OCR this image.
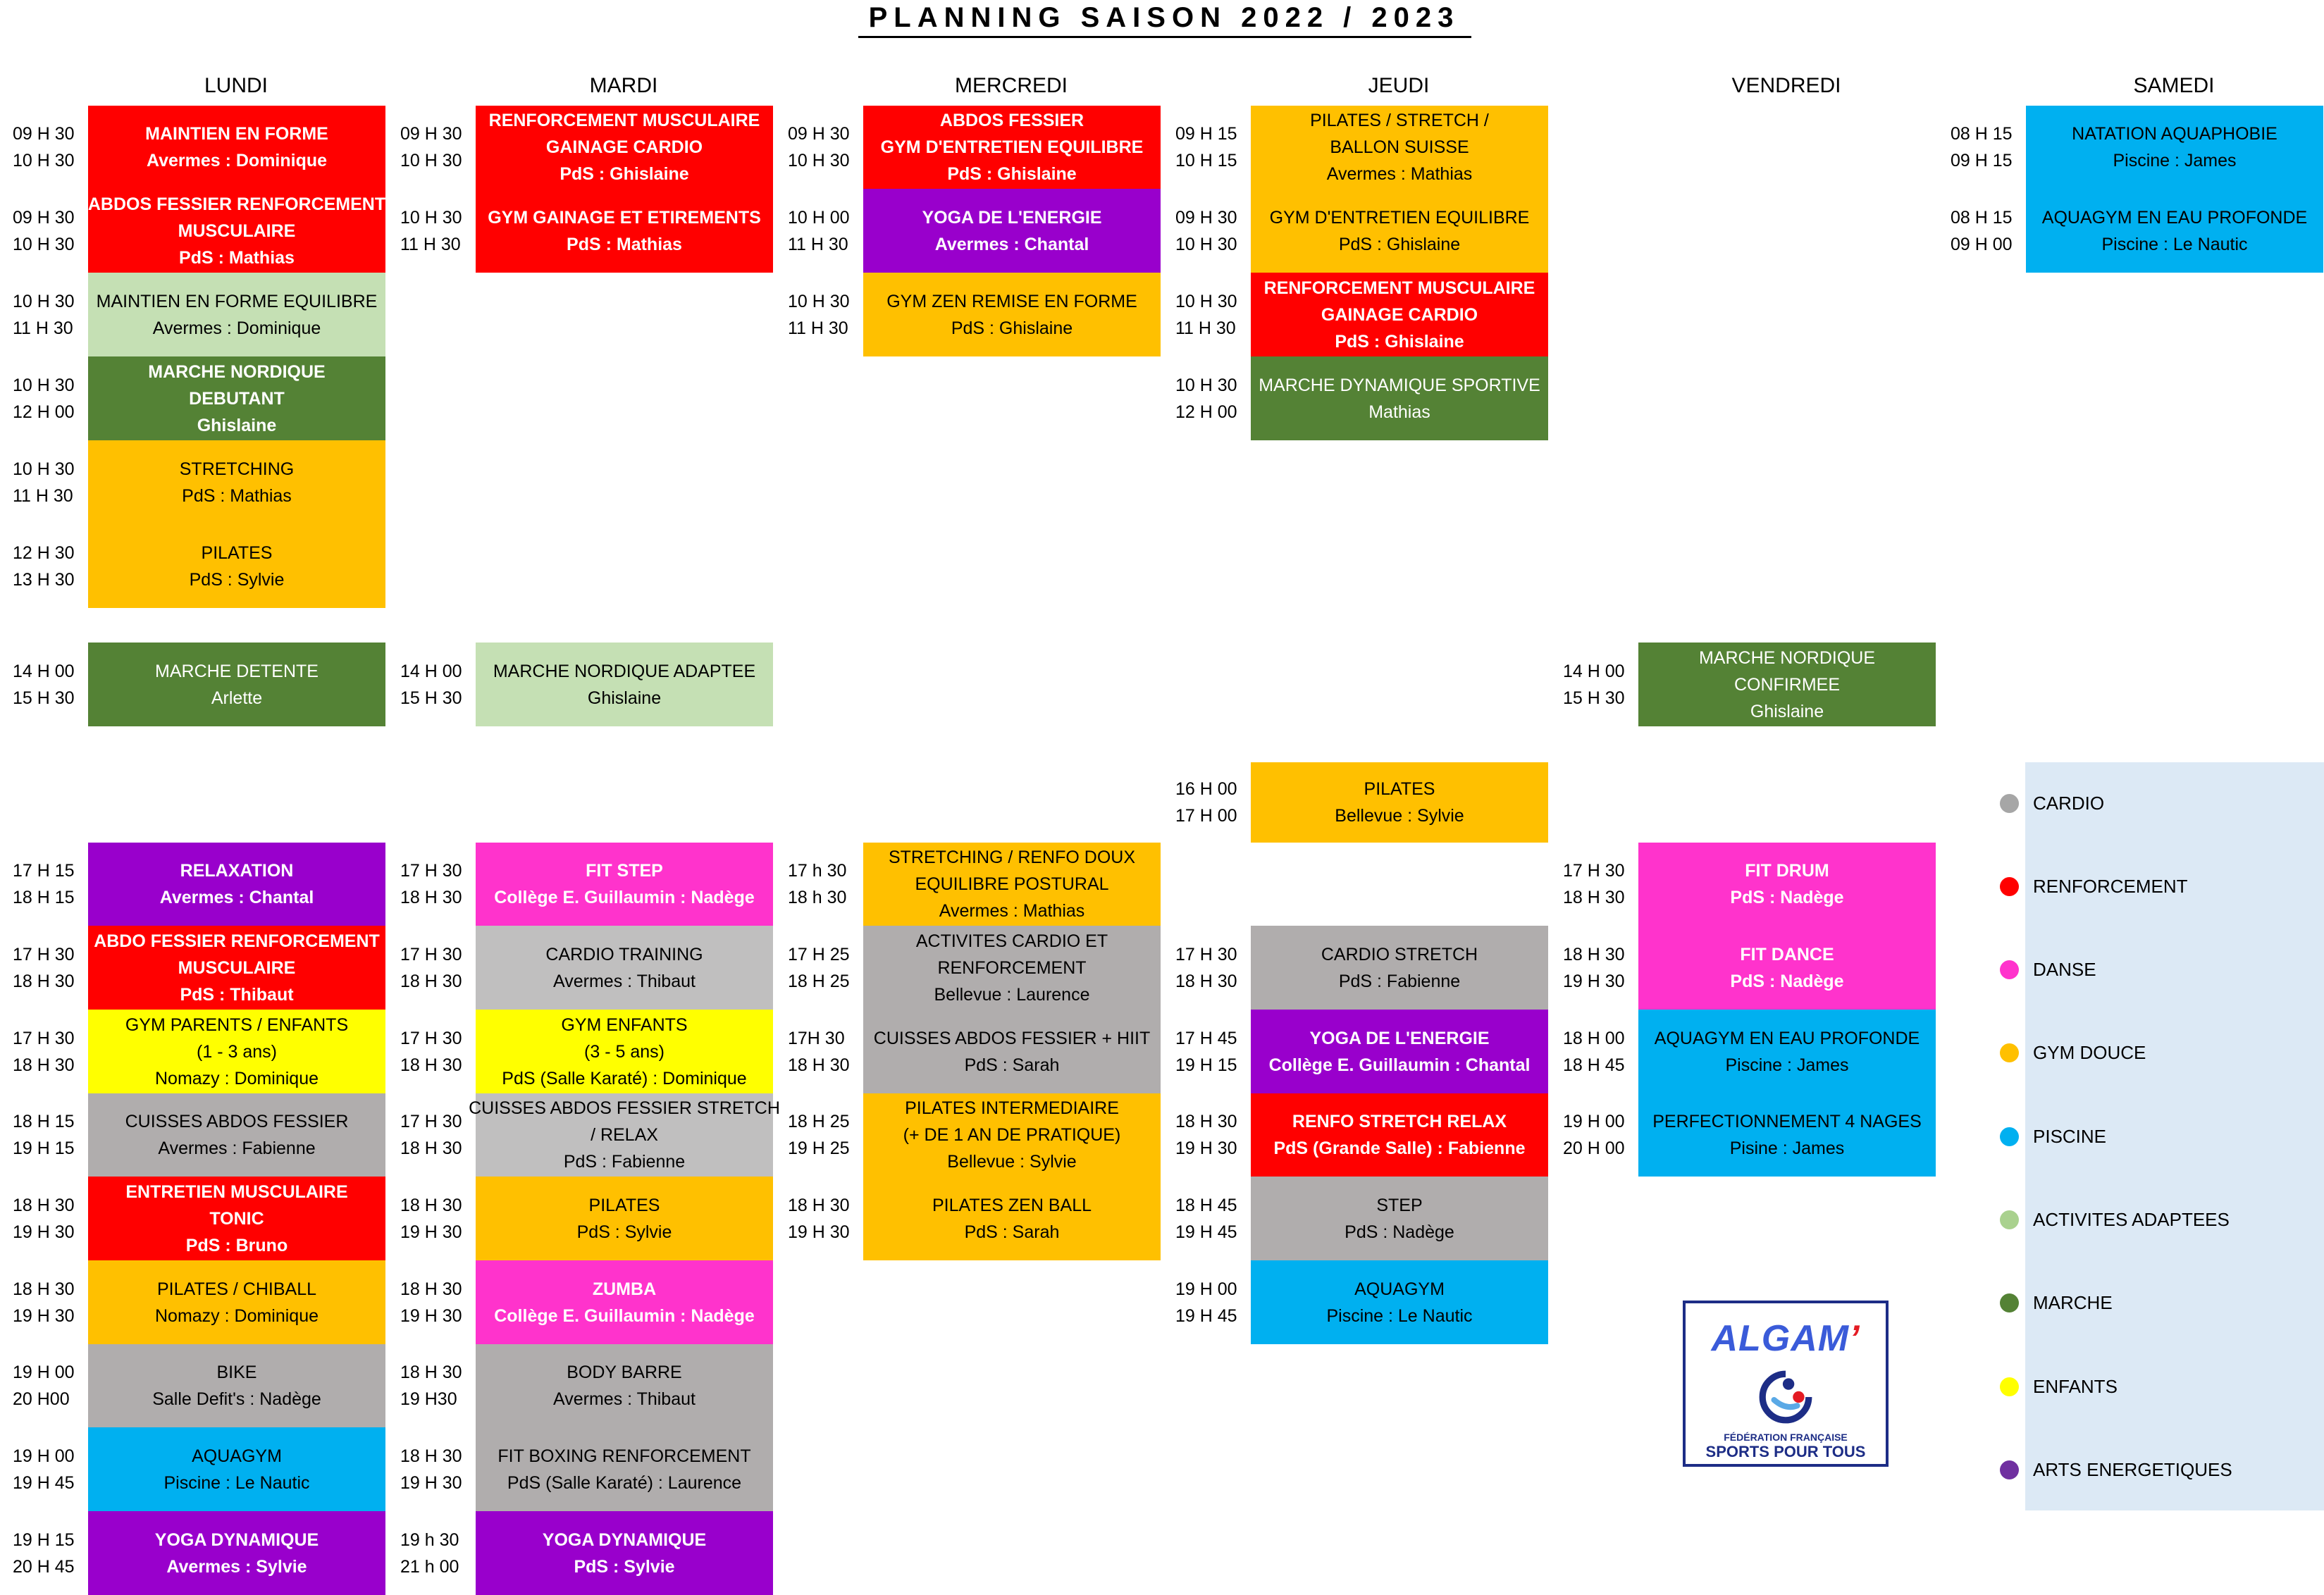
PLANNING SAISON 2022 / 2023
LUNDI
09 H 30
10 H 30
MAINTIEN EN FORME
Avermes : Dominique
09 H 30
10 H 30
ABDOS FESSIER RENFORCEMENT
MUSCULAIRE
PdS : Mathias
10 H 30
11 H 30
MAINTIEN EN FORME EQUILIBRE
Avermes : Dominique
10 H 30
12 H 00
MARCHE NORDIQUE
DEBUTANT
Ghislaine
10 H 30
11 H 30
STRETCHING
PdS : Mathias
12 H 30
13 H 30
PILATES
PdS : Sylvie
14 H 00
15 H 30
MARCHE DETENTE
Arlette
17 H 15
18 H 15
RELAXATION
Avermes : Chantal
17 H 30
18 H 30
ABDO FESSIER RENFORCEMENT
MUSCULAIRE
PdS : Thibaut
17 H 30
18 H 30
GYM PARENTS / ENFANTS
(1 - 3 ans)
Nomazy : Dominique
18 H 15
19 H 15
CUISSES ABDOS FESSIER
Avermes : Fabienne
18 H 30
19 H 30
ENTRETIEN MUSCULAIRE
TONIC
PdS : Bruno
18 H 30
19 H 30
PILATES / CHIBALL
Nomazy : Dominique
19 H 00
20 H00
BIKE
Salle Defit's : Nadège
19 H 00
19 H 45
AQUAGYM
Piscine : Le Nautic
19 H 15
20 H 45
YOGA DYNAMIQUE
Avermes : Sylvie
MARDI
09 H 30
10 H 30
RENFORCEMENT MUSCULAIRE
GAINAGE CARDIO
PdS : Ghislaine
10 H 30
11 H 30
GYM GAINAGE ET ETIREMENTS
PdS : Mathias
14 H 00
15 H 30
MARCHE NORDIQUE ADAPTEE
Ghislaine
17 H 30
18 H 30
FIT STEP
Collège E. Guillaumin : Nadège
17 H 30
18 H 30
CARDIO TRAINING
Avermes : Thibaut
17 H 30
18 H 30
GYM ENFANTS
(3 - 5 ans)
PdS (Salle Karaté) : Dominique
17 H 30
18 H 30
CUISSES ABDOS FESSIER STRETCH
/ RELAX
PdS : Fabienne
18 H 30
19 H 30
PILATES
PdS : Sylvie
18 H 30
19 H 30
ZUMBA
Collège E. Guillaumin : Nadège
18 H 30
19 H30
BODY BARRE
Avermes : Thibaut
18 H 30
19 H 30
FIT BOXING RENFORCEMENT
PdS (Salle Karaté) : Laurence
19 h 30
21 h 00
YOGA DYNAMIQUE
PdS : Sylvie
MERCREDI
09 H 30
10 H 30
ABDOS FESSIER
GYM D'ENTRETIEN EQUILIBRE
PdS : Ghislaine
10 H 00
11 H 30
YOGA DE L'ENERGIE
Avermes : Chantal
10 H 30
11 H 30
GYM ZEN REMISE EN FORME
PdS : Ghislaine
17 h 30
18 h 30
STRETCHING / RENFO DOUX
EQUILIBRE POSTURAL
Avermes : Mathias
17 H 25
18 H 25
ACTIVITES CARDIO ET
RENFORCEMENT
Bellevue : Laurence
17H 30
18 H 30
CUISSES ABDOS FESSIER + HIIT
PdS : Sarah
18 H 25
19 H 25
PILATES INTERMEDIAIRE
(+ DE 1 AN DE PRATIQUE)
Bellevue : Sylvie
18 H 30
19 H 30
PILATES ZEN BALL
PdS : Sarah
JEUDI
09 H 15
10 H 15
PILATES / STRETCH /
BALLON SUISSE
Avermes : Mathias
09 H 30
10 H 30
GYM D'ENTRETIEN EQUILIBRE
PdS : Ghislaine
10 H 30
11 H 30
RENFORCEMENT MUSCULAIRE
GAINAGE CARDIO
PdS : Ghislaine
10 H 30
12 H 00
MARCHE DYNAMIQUE SPORTIVE
Mathias
16 H 00
17 H 00
PILATES
Bellevue : Sylvie
17 H 30
18 H 30
CARDIO STRETCH
PdS : Fabienne
17 H 45
19 H 15
YOGA DE L'ENERGIE
Collège E. Guillaumin : Chantal
18 H 30
19 H 30
RENFO STRETCH RELAX
PdS (Grande Salle) : Fabienne
18 H 45
19 H 45
STEP
PdS : Nadège
19 H 00
19 H 45
AQUAGYM
Piscine : Le Nautic
VENDREDI
14 H 00
15 H 30
MARCHE NORDIQUE
CONFIRMEE
Ghislaine
17 H 30
18 H 30
FIT DRUM
PdS : Nadège
18 H 30
19 H 30
FIT DANCE
PdS : Nadège
18 H 00
18 H 45
AQUAGYM EN EAU PROFONDE
Piscine : James
19 H 00
20 H 00
PERFECTIONNEMENT 4 NAGES
Pisine : James
SAMEDI
08 H 15
09 H 15
NATATION AQUAPHOBIE
Piscine : James
08 H 15
09 H 00
AQUAGYM EN EAU PROFONDE
Piscine : Le Nautic
CARDIO
RENFORCEMENT
DANSE
GYM DOUCE
PISCINE
ACTIVITES ADAPTEES
MARCHE
ENFANTS
ARTS ENERGETIQUES
ALGAM’
FÉDÉRATION FRANÇAISE
SPORTS POUR TOUS
